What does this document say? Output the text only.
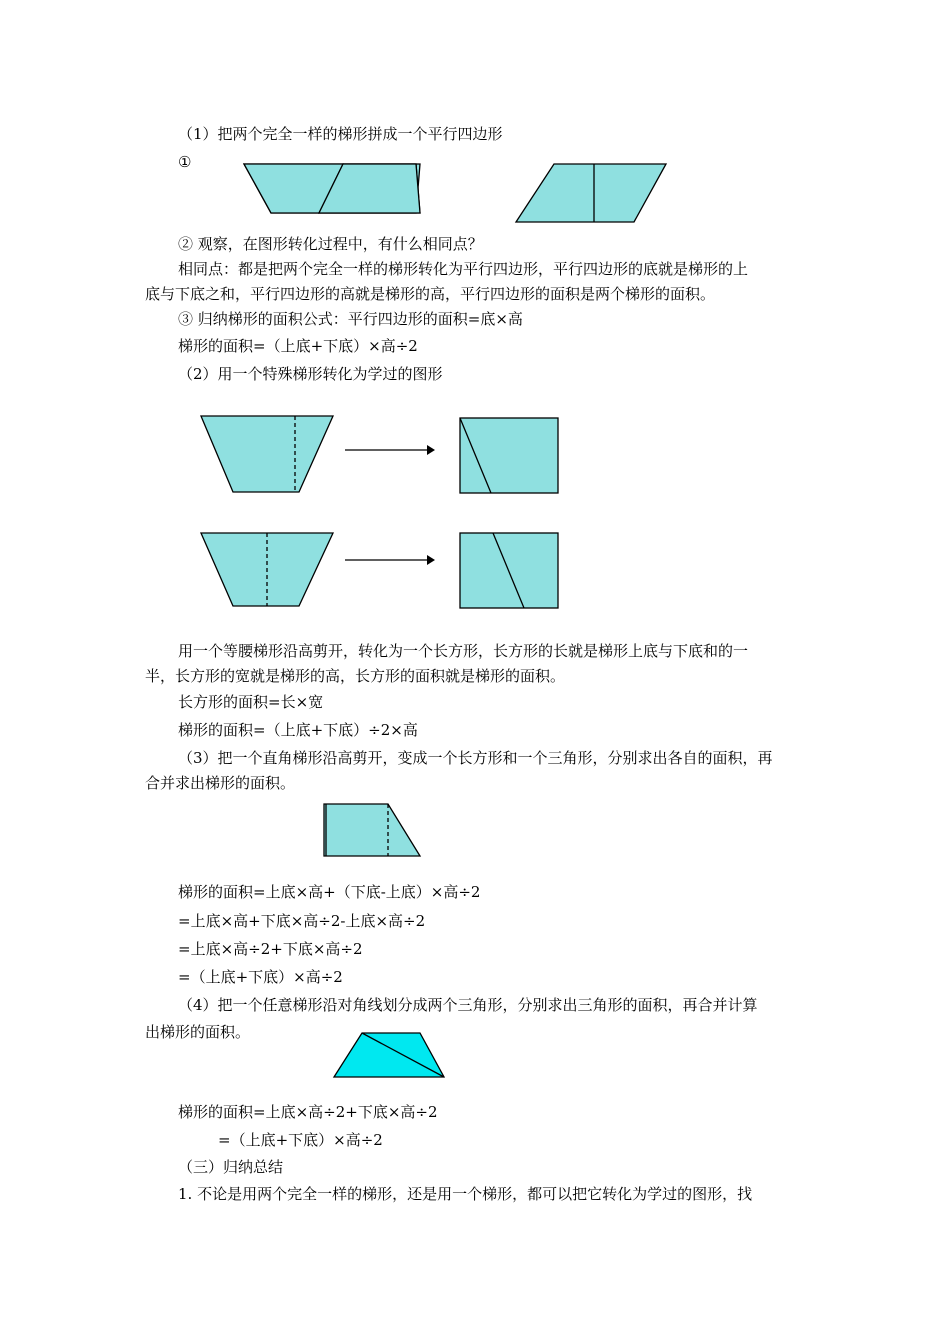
（1）把两个完全一样的梯形拼成一个平行四边形
①
② 观察，在图形转化过程中，有什么相同点？
相同点：都是把两个完全一样的梯形转化为平行四边形，平行四边形的底就是梯形的上
底与下底之和，平行四边形的高就是梯形的高，平行四边形的面积是两个梯形的面积。
③ 归纳梯形的面积公式：平行四边形的面积=底×高
梯形的面积=（上底+下底）×高÷2
（2）用一个特殊梯形转化为学过的图形
用一个等腰梯形沿高剪开，转化为一个长方形，长方形的长就是梯形上底与下底和的一
半，长方形的宽就是梯形的高，长方形的面积就是梯形的面积。
长方形的面积=长×宽
梯形的面积=（上底+下底）÷2×高
（3）把一个直角梯形沿高剪开，变成一个长方形和一个三角形，分别求出各自的面积，再
合并求出梯形的面积。
梯形的面积=上底×高+（下底-上底）×高÷2
=上底×高+下底×高÷2-上底×高÷2
=上底×高÷2+下底×高÷2
=（上底+下底）×高÷2
（4）把一个任意梯形沿对角线划分成两个三角形，分别求出三角形的面积，再合并计算
出梯形的面积。
梯形的面积=上底×高÷2+下底×高÷2
=（上底+下底）×高÷2
（三）归纳总结
1. 不论是用两个完全一样的梯形，还是用一个梯形，都可以把它转化为学过的图形，找
